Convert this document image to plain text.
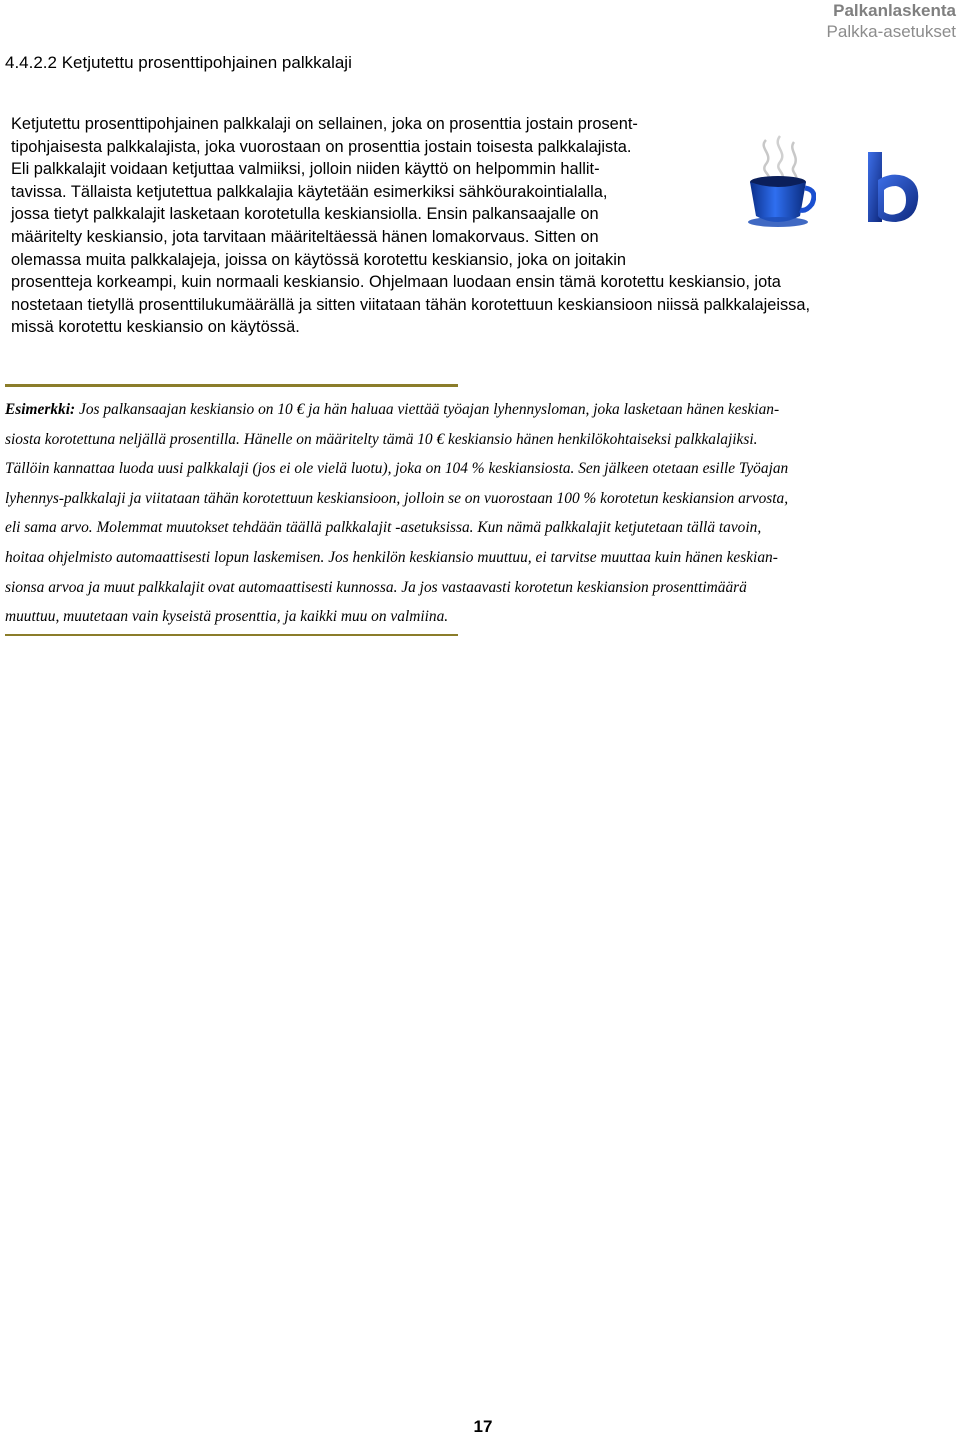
Palkanlaskenta
Palkka-asetukset
4.4.2.2 Ketjutettu prosenttipohjainen palkkalaji
Ketjutettu prosenttipohjainen palkkalaji on sellainen, joka on prosenttia jostain prosent-
tipohjaisesta palkkalajista, joka vuorostaan on prosenttia jostain toisesta palkkalajista.
Eli palkkalajit voidaan ketjuttaa valmiiksi, jolloin niiden käyttö on helpommin hallit-
tavissa. Tällaista ketjutettua palkkalajia käytetään esimerkiksi sähköurakointialalla,
jossa tietyt palkkalajit lasketaan korotetulla keskiansiolla. Ensin palkansaajalle on
määritelty keskiansio, jota tarvitaan määriteltäessä hänen lomakorvaus. Sitten on
olemassa muita palkkalajeja, joissa on käytössä korotettu keskiansio, joka on joitakin
prosentteja korkeampi, kuin normaali keskiansio. Ohjelmaan luodaan ensin tämä korotettu keskiansio, jota
nostetaan tietyllä prosenttilukumäärällä ja sitten viitataan tähän korotettuun keskiansioon niissä palkkalajeissa,
missä korotettu keskiansio on käytössä.
Esimerkki: Jos palkansaajan keskiansio on 10 € ja hän haluaa viettää työajan lyhennysloman, joka lasketaan hänen keskian-
siosta korotettuna neljällä prosentilla. Hänelle on määritelty tämä 10 € keskiansio hänen henkilökohtaiseksi palkkalajiksi.
Tällöin kannattaa luoda uusi palkkalaji (jos ei ole vielä luotu), joka on 104 % keskiansiosta. Sen jälkeen otetaan esille Työajan
lyhennys-palkkalaji ja viitataan tähän korotettuun keskiansioon, jolloin se on vuorostaan 100 % korotetun keskiansion arvosta,
eli sama arvo. Molemmat muutokset tehdään täällä palkkalajit -asetuksissa. Kun nämä palkkalajit ketjutetaan tällä tavoin,
hoitaa ohjelmisto automaattisesti lopun laskemisen. Jos henkilön keskiansio muuttuu, ei tarvitse muuttaa kuin hänen keskian-
sionsa arvoa ja muut palkkalajit ovat automaattisesti kunnossa. Ja jos vastaavasti korotetun keskiansion prosenttimäärä
muuttuu, muutetaan vain kyseistä prosenttia, ja kaikki muu on valmiina.
17
